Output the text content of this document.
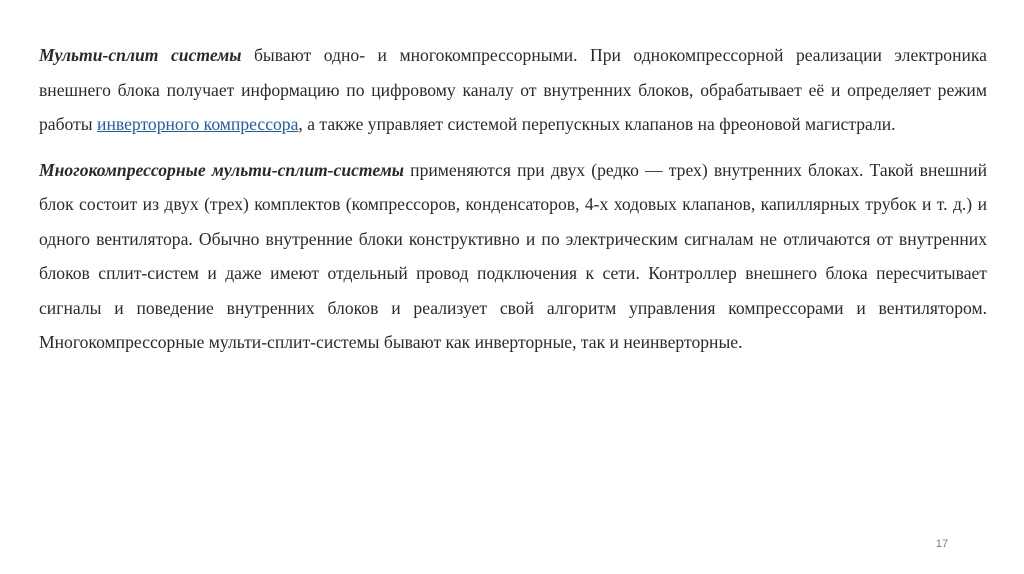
Мульти-сплит системы бывают одно- и многокомпрессорными. При однокомпрессорной реализации электроника внешнего блока получает информацию по цифровому каналу от внутренних блоков, обрабатывает её и определяет режим работы инверторного компрессора, а также управляет системой перепускных клапанов на фреоновой магистрали.

Многокомпрессорные мульти-сплит-системы применяются при двух (редко — трех) внутренних блоках. Такой внешний блок состоит из двух (трех) комплектов (компрессоров, конденсаторов, 4-х ходовых клапанов, капиллярных трубок и т. д.) и одного вентилятора. Обычно внутренние блоки конструктивно и по электрическим сигналам не отличаются от внутренних блоков сплит-систем и даже имеют отдельный провод подключения к сети. Контроллер внешнего блока пересчитывает сигналы и поведение внутренних блоков и реализует свой алгоритм управления компрессорами и вентилятором. Многокомпрессорные мульти-сплит-системы бывают как инверторные, так и неинверторные.

17
